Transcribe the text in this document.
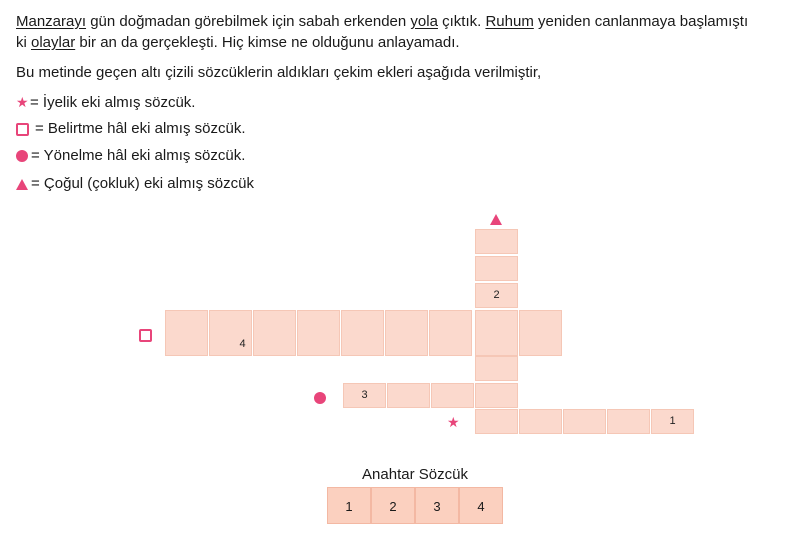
Manzarayı gün doğmadan görebilmek için sabah erkenden yola çıktık. Ruhum yeniden canlanmaya başlamıştı
ki olaylar bir an da gerçekleşti. Hiç kimse ne olduğunu anlayamadı.
Bu metinde geçen altı çizili sözcüklerin aldıkları çekim ekleri aşağıda verilmiştir,
★= İyelik eki almış sözcük.
= Belirtme hâl eki almış sözcük.
= Yönelme hâl eki almış sözcük.
= Çoğul (çokluk) eki almış sözcük
1
2
3
4
★
Anahtar Sözcük
1	2	3	4
